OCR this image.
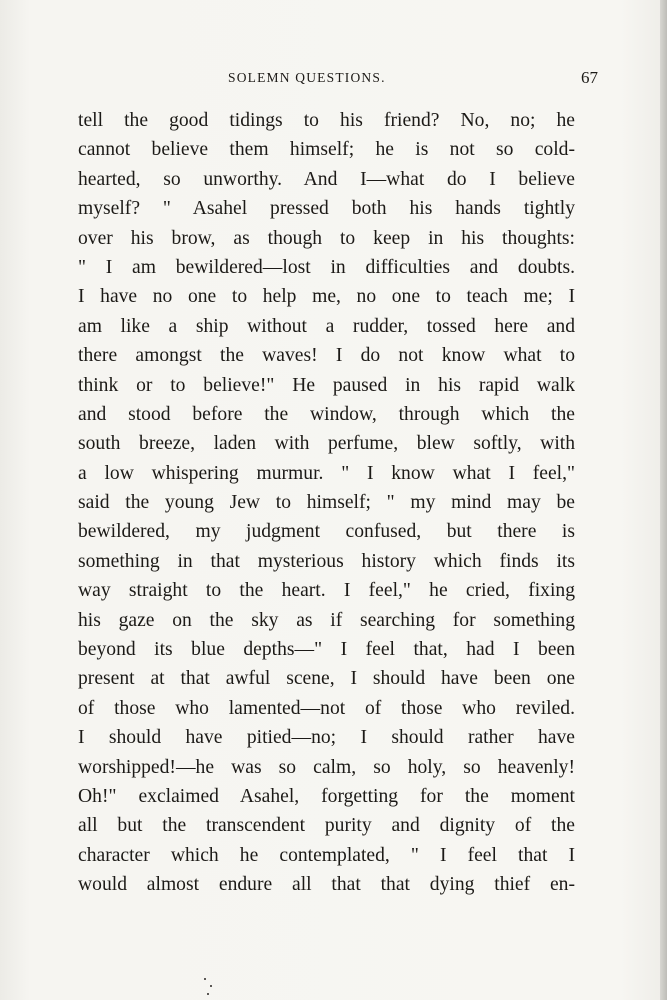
SOLEMN QUESTIONS.	67
tell the good tidings to his friend? No, no; he
cannot believe them himself; he is not so cold-
hearted, so unworthy. And I—what do I believe
myself? " Asahel pressed both his hands tightly
over his brow, as though to keep in his thoughts:
" I am bewildered—lost in difficulties and doubts.
I have no one to help me, no one to teach me; I
am like a ship without a rudder, tossed here and
there amongst the waves! I do not know what to
think or to believe!" He paused in his rapid walk
and stood before the window, through which the
south breeze, laden with perfume, blew softly, with
a low whispering murmur. " I know what I feel,"
said the young Jew to himself; " my mind may be
bewildered, my judgment confused, but there is
something in that mysterious history which finds its
way straight to the heart. I feel," he cried, fixing
his gaze on the sky as if searching for something
beyond its blue depths—" I feel that, had I been
present at that awful scene, I should have been one
of those who lamented—not of those who reviled.
I should have pitied—no; I should rather have
worshipped!—he was so calm, so holy, so heavenly!
Oh!" exclaimed Asahel, forgetting for the moment
all but the transcendent purity and dignity of the
character which he contemplated, " I feel that I
would almost endure all that that dying thief en-
